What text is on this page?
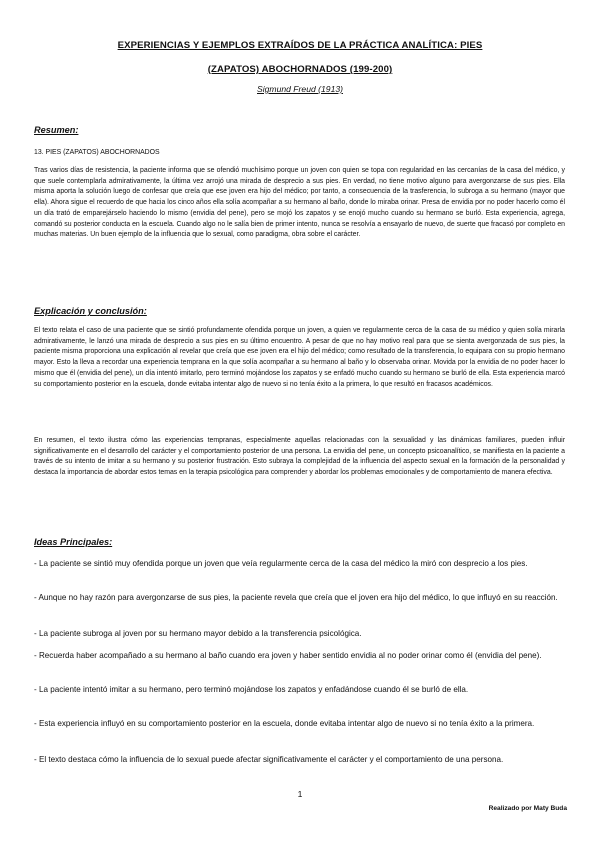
EXPERIENCIAS Y EJEMPLOS EXTRAÍDOS DE LA PRÁCTICA ANALÍTICA: PIES
(ZAPATOS) ABOCHORNADOS (199-200)
Sigmund Freud (1913)
Resumen:
13. PIES (ZAPATOS) ABOCHORNADOS

Tras varios días de resistencia, la paciente informa que se ofendió muchísimo porque un joven con quien se topa con regularidad en las cercanías de la casa del médico, y que suele contemplarla admirativamente, la última vez arrojó una mirada de desprecio a sus pies. En verdad, no tiene motivo alguno para avergonzarse de sus pies. Ella misma aporta la solución luego de confesar que creía que ese joven era hijo del médico; por tanto, a consecuencia de la trasferencia, lo subroga a su hermano (mayor que ella). Ahora sigue el recuerdo de que hacia los cinco años ella solía acompañar a su hermano al baño, donde lo miraba orinar. Presa de envidia por no poder hacerlo como él un día trató de emparejárselo haciendo lo mismo (envidia del pene), pero se mojó los zapatos y se enojó mucho cuando su hermano se burló. Esta experiencia, agrega, comandó su posterior conducta en la escuela. Cuando algo no le salía bien de primer intento, nunca se resolvía a ensayarlo de nuevo, de suerte que fracasó por completo en muchas materias. Un buen ejemplo de la influencia que lo sexual, como paradigma, obra sobre el carácter.

Explicación y conclusión:

El texto relata el caso de una paciente que se sintió profundamente ofendida porque un joven, a quien ve regularmente cerca de la casa de su médico y quien solía mirarla admirativamente, le lanzó una mirada de desprecio a sus pies en su último encuentro. A pesar de que no hay motivo real para que se sienta avergonzada de sus pies, la paciente misma proporciona una explicación al revelar que creía que ese joven era el hijo del médico; como resultado de la transferencia, lo equipara con su propio hermano mayor. Esto la lleva a recordar una experiencia temprana en la que solía acompañar a su hermano al baño y lo observaba orinar. Movida por la envidia de no poder hacer lo mismo que él (envidia del pene), un día intentó imitarlo, pero terminó mojándose los zapatos y se enfadó mucho cuando su hermano se burló de ella. Esta experiencia marcó su comportamiento posterior en la escuela, donde evitaba intentar algo de nuevo si no tenía éxito a la primera, lo que resultó en fracasos académicos.

En resumen, el texto ilustra cómo las experiencias tempranas, especialmente aquellas relacionadas con la sexualidad y las dinámicas familiares, pueden influir significativamente en el desarrollo del carácter y el comportamiento posterior de una persona. La envidia del pene, un concepto psicoanalítico, se manifiesta en la paciente a través de su intento de imitar a su hermano y su posterior frustración. Esto subraya la complejidad de la influencia del aspecto sexual en la formación de la personalidad y destaca la importancia de abordar estos temas en la terapia psicológica para comprender y abordar los problemas emocionales y de comportamiento de manera efectiva.

Ideas Principales:

- La paciente se sintió muy ofendida porque un joven que veía regularmente cerca de la casa del médico la miró con desprecio a los pies.

- Aunque no hay razón para avergonzarse de sus pies, la paciente revela que creía que el joven era hijo del médico, lo que influyó en su reacción.

- La paciente subroga al joven por su hermano mayor debido a la transferencia psicológica.

- Recuerda haber acompañado a su hermano al baño cuando era joven y haber sentido envidia al no poder orinar como él (envidia del pene).

- La paciente intentó imitar a su hermano, pero terminó mojándose los zapatos y enfadándose cuando él se burló de ella.

- Esta experiencia influyó en su comportamiento posterior en la escuela, donde evitaba intentar algo de nuevo si no tenía éxito a la primera.

- El texto destaca cómo la influencia de lo sexual puede afectar significativamente el carácter y el comportamiento de una persona.

1
Realizado por Maty Buda
